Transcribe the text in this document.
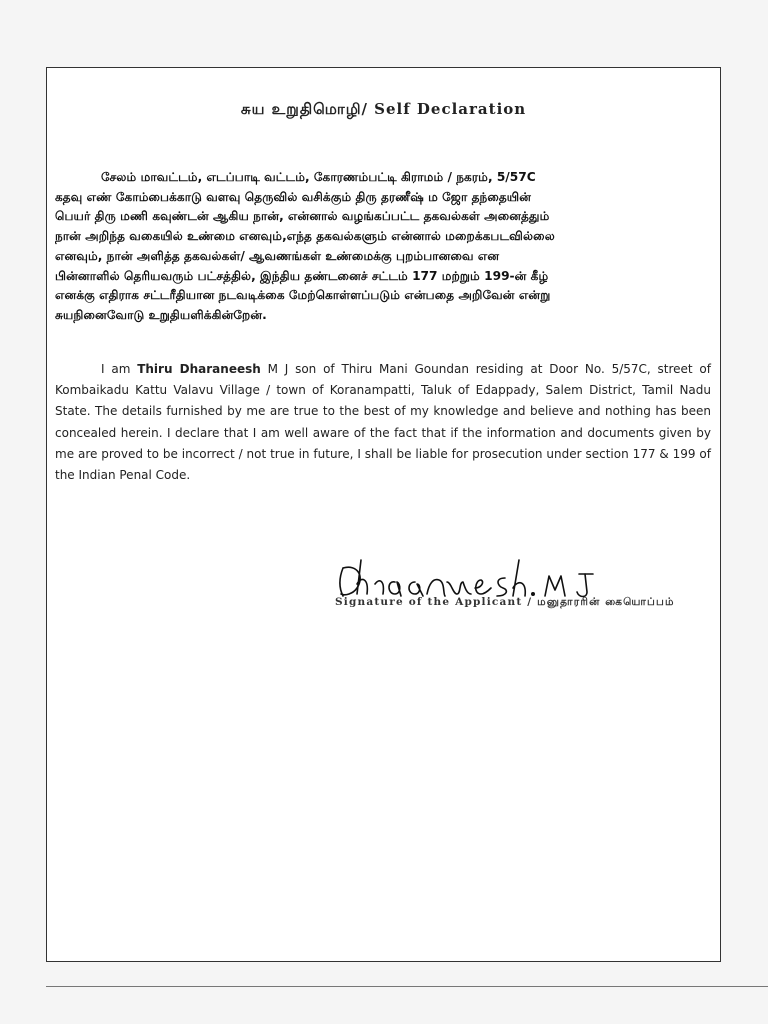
சுய உறுதிமொழி/ Self Declaration
சேலம் மாவட்டம், எடப்பாடி வட்டம், கோரணம்பட்டி கிராமம் / நகரம், 5/57C
கதவு எண் கோம்பைக்காடு வளவு தெருவில் வசிக்கும் திரு தரணீஷ் ம ஜோ தந்தையின்
பெயர் திரு மணி கவுண்டன் ஆகிய நான், என்னால் வழங்கப்பட்ட தகவல்கள் அனைத்தும்
நான் அறிந்த வகையில் உண்மை எனவும்,எந்த தகவல்களும் என்னால் மறைக்கபடவில்லை
எனவும், நான் அளித்த தகவல்கள்/ ஆவணங்கள் உண்மைக்கு புறம்பானவை என
பின்னாளில் தெரியவரும் பட்சத்தில், இந்திய தண்டனைச் சட்டம் 177 மற்றும் 199-ன் கீழ்
எனக்கு எதிராக சட்டரீதியான நடவடிக்கை மேற்கொள்ளப்படும் என்பதை அறிவேன் என்று
சுயநினைவோடு உறுதியளிக்கின்றேன்.
I am Thiru Dharaneesh M J son of Thiru Mani Goundan residing at Door No. 5/57C, street of Kombaikadu Kattu Valavu Village / town of Koranampatti, Taluk of Edappady, Salem District, Tamil Nadu State. The details furnished by me are true to the best of my knowledge and believe and nothing has been concealed herein. I declare that I am well aware of the fact that if the information and documents given by me are proved to be incorrect / not true in future, I shall be liable for prosecution under section 177 & 199 of the Indian Penal Code.
Signature of the Applicant / மனுதாரரின் கையொப்பம்
